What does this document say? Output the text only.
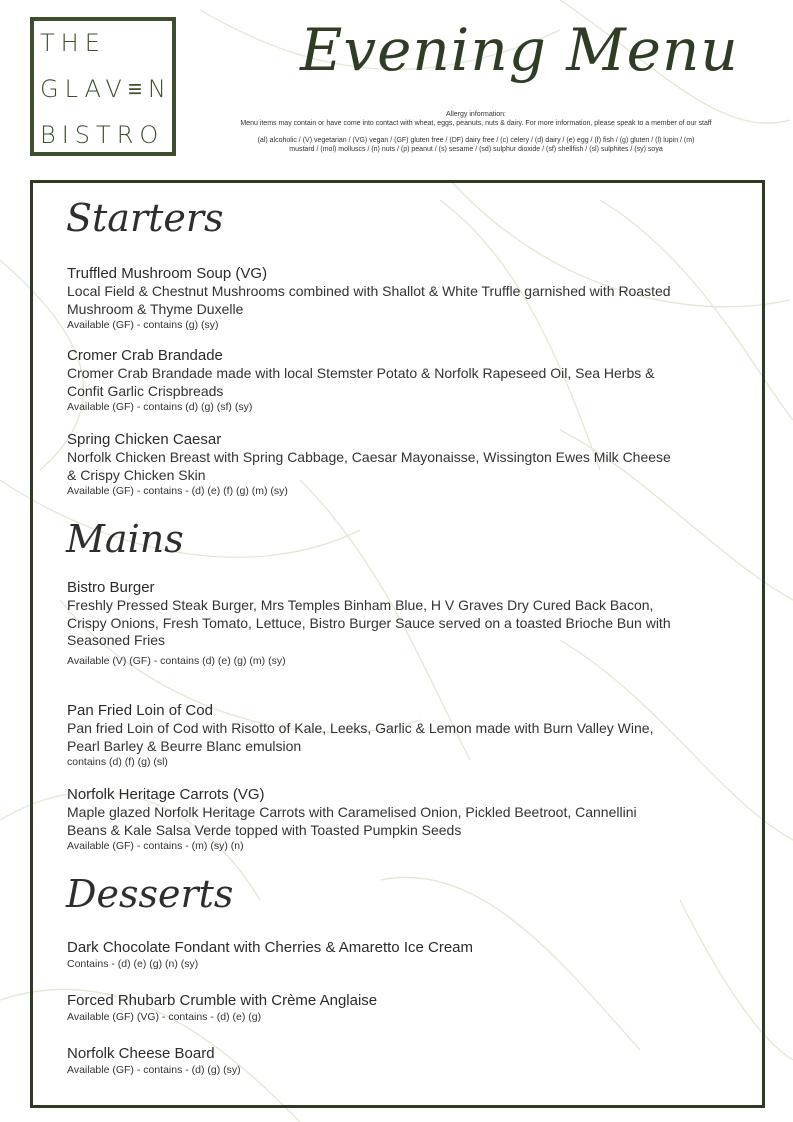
THE
GLAV≡N
BISTRO
Evening Menu
Allergy information:
Menu items may contain or have come into contact with wheat, eggs, peanuts, nuts & dairy. For more information, please speak to a member of our staff
(al) alcoholic / (V) vegetarian / (VG) vegan / (GF) gluten free / (DF) dairy free / (c) celery / (d) dairy / (e) egg / (f) fish / (g) gluten / (l) lupin / (m)
mustard / (mol) molluscs / (n) nuts / (p) peanut / (s) sesame / (sd) sulphur dioxide / (sf) shellfish / (sl) sulphites / (sy) soya
Starters
Truffled Mushroom Soup (VG)
Local Field & Chestnut Mushrooms combined with Shallot & White Truffle garnished with Roasted
Mushroom & Thyme Duxelle
Available (GF) - contains (g) (sy)
Cromer Crab Brandade
Cromer Crab Brandade made with local Stemster Potato & Norfolk Rapeseed Oil, Sea Herbs &
Confit Garlic Crispbreads
Available (GF) - contains (d) (g) (sf) (sy)
Spring Chicken Caesar
Norfolk Chicken Breast with Spring Cabbage, Caesar Mayonaisse, Wissington Ewes Milk Cheese
& Crispy Chicken Skin
Available (GF) - contains - (d) (e) (f) (g) (m) (sy)
Mains
Bistro Burger
Freshly Pressed Steak Burger, Mrs Temples Binham Blue, H V Graves Dry Cured Back Bacon,
Crispy Onions, Fresh Tomato, Lettuce, Bistro Burger Sauce served on a toasted Brioche Bun with
Seasoned Fries
Available (V) (GF) - contains (d) (e) (g) (m) (sy)
Pan Fried Loin of Cod
Pan fried Loin of Cod with Risotto of Kale, Leeks, Garlic & Lemon made with Burn Valley Wine,
Pearl Barley & Beurre Blanc emulsion
contains (d) (f) (g) (sl)
Norfolk Heritage Carrots (VG)
Maple glazed Norfolk Heritage Carrots with Caramelised Onion, Pickled Beetroot, Cannellini
Beans & Kale Salsa Verde topped with Toasted Pumpkin Seeds
Available (GF) - contains - (m) (sy) (n)
Desserts
Dark Chocolate Fondant with Cherries & Amaretto Ice Cream
Contains - (d) (e) (g) (n) (sy)
Forced Rhubarb Crumble with Crème Anglaise
Available (GF) (VG) - contains - (d) (e) (g)
Norfolk Cheese Board
Available (GF) - contains - (d) (g) (sy)
